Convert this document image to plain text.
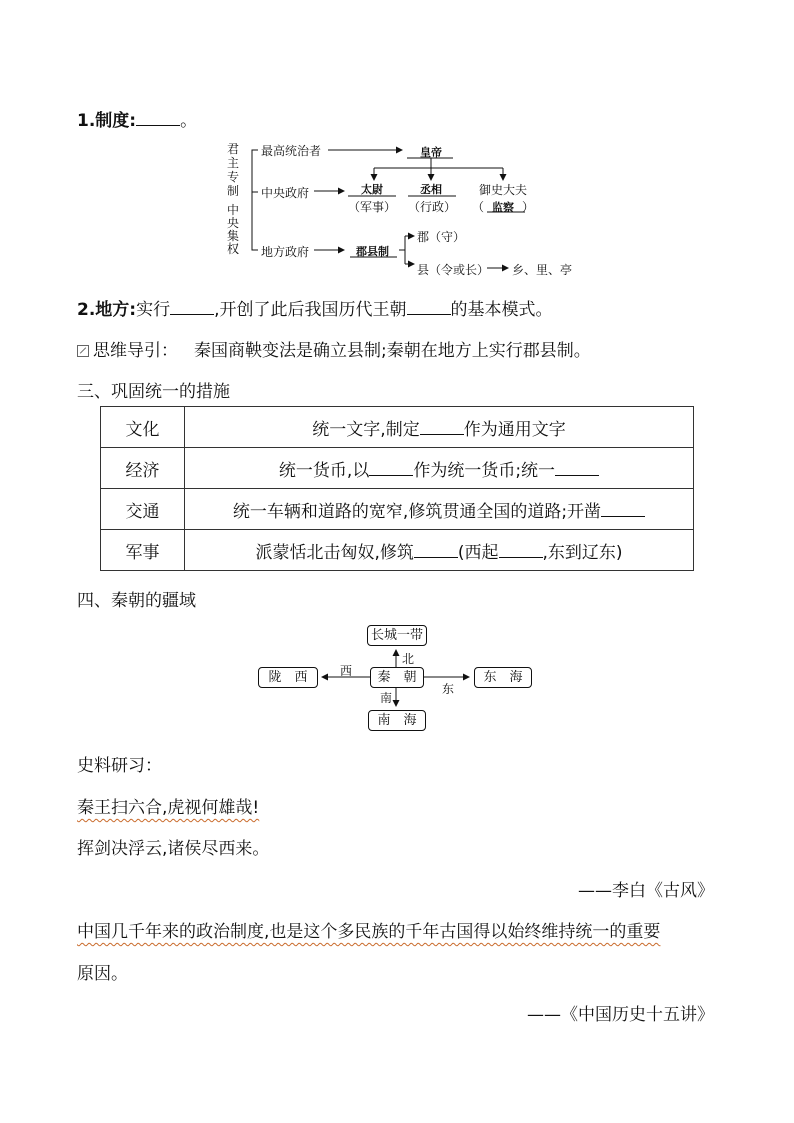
1.制度:	。
君
主
专
制
中
央
集
权
最高统治者	皇帝
中央政府	太尉
（军事）
丞相
（行政）
御史大夫
（ 监察 ）
地方政府	郡县制
郡（守）
县（令或长） 乡、里、亭
2.地方:实行	,开创了此后我国历代王朝	的基本模式。
思维导引： 秦国商鞅变法是确立县制;秦朝在地方上实行郡县制。
三、巩固统一的措施
文化	统一文字,制定 作为通用文字
经济	统一货币,以 作为统一货币;统一
交通	统一车辆和道路的宽窄,修筑贯通全国的道路;开凿
军事	派蒙恬北击匈奴,修筑 (西起 ,东到辽东)
四、秦朝的疆域
长城一带
秦　朝
陇　西	东　海
南　海
北
南
西
东
史料研习：
秦王扫六合,虎视何雄哉!
挥剑决浮云,诸侯尽西来。
——李白《古风》
中国几千年来的政治制度,也是这个多民族的千年古国得以始终维持统一的重要
原因。
——《中国历史十五讲》
